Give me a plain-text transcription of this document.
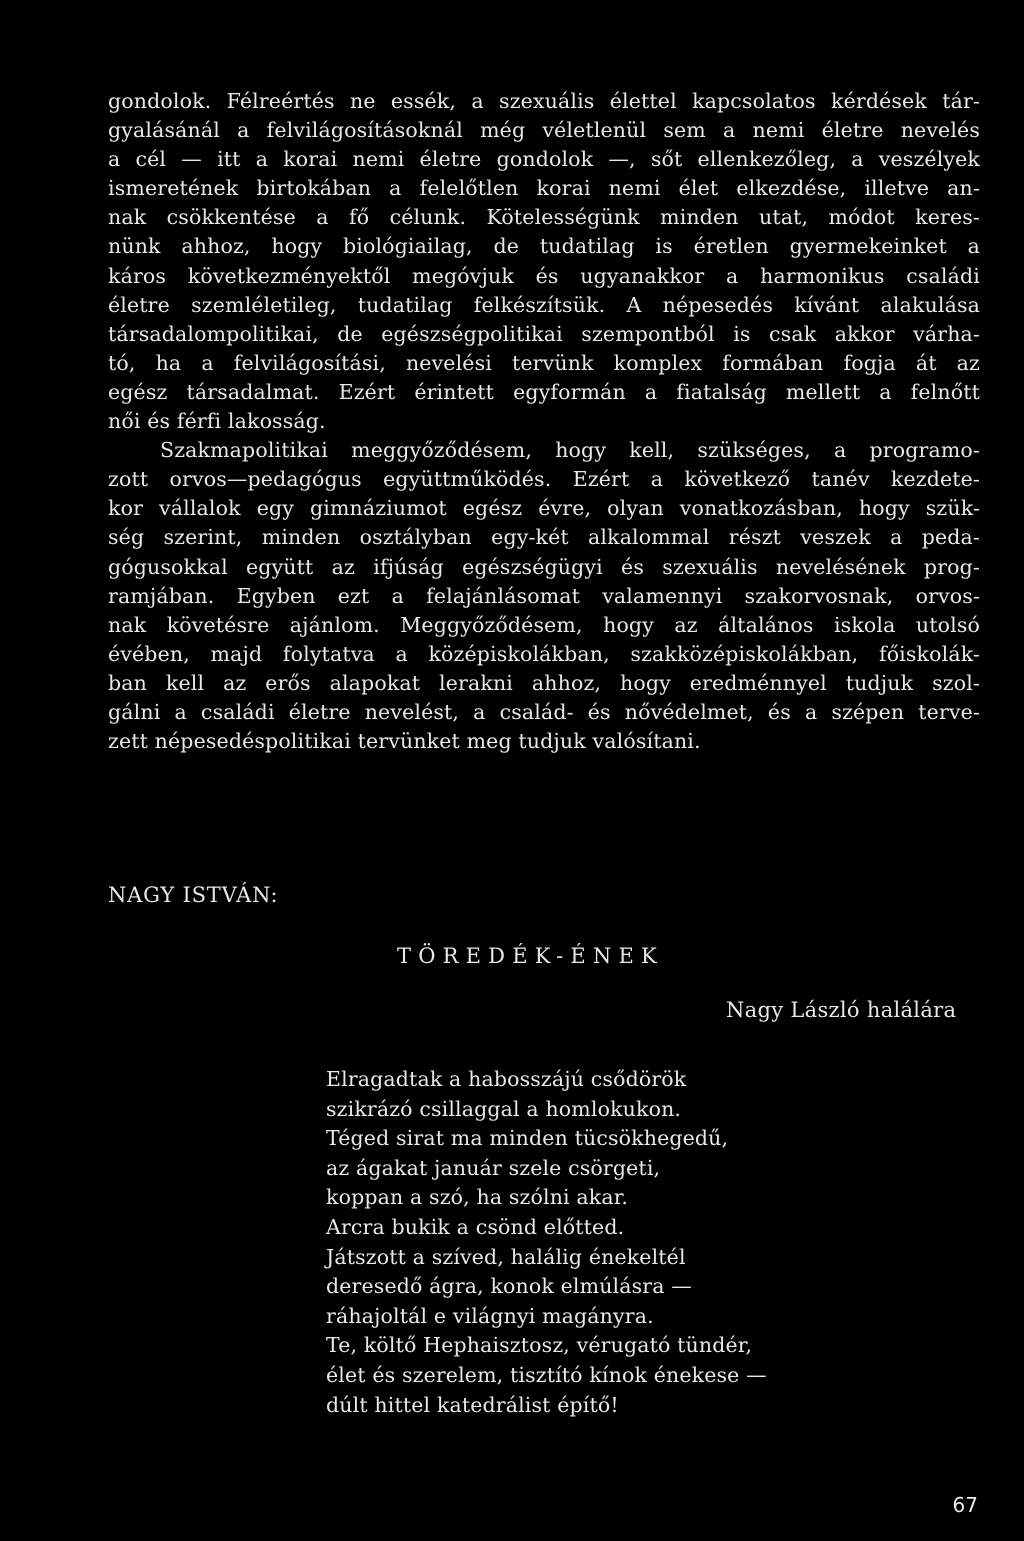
gondolok. Félreértés ne essék, a szexuális élettel kapcsolatos kérdések tár-
gyalásánál a felvilágosításoknál még véletlenül sem a nemi életre nevelés
a cél — itt a korai nemi életre gondolok —, sőt ellenkezőleg, a veszélyek
ismeretének birtokában a felelőtlen korai nemi élet elkezdése, illetve an-
nak csökkentése a fő célunk. Kötelességünk minden utat, módot keres-
nünk ahhoz, hogy biológiailag, de tudatilag is éretlen gyermekeinket a
káros következményektől megóvjuk és ugyanakkor a harmonikus családi
életre szemléletileg, tudatilag felkészítsük. A népesedés kívánt alakulása
társadalompolitikai, de egészségpolitikai szempontból is csak akkor várha-
tó, ha a felvilágosítási, nevelési tervünk komplex formában fogja át az
egész társadalmat. Ezért érintett egyformán a fiatalság mellett a felnőtt
női és férfi lakosság.
Szakmapolitikai meggyőződésem, hogy kell, szükséges, a programo-
zott orvos—pedagógus együttműködés. Ezért a következő tanév kezdete-
kor vállalok egy gimnáziumot egész évre, olyan vonatkozásban, hogy szük-
ség szerint, minden osztályban egy-két alkalommal részt veszek a peda-
gógusokkal együtt az ifjúság egészségügyi és szexuális nevelésének prog-
ramjában. Egyben ezt a felajánlásomat valamennyi szakorvosnak, orvos-
nak követésre ajánlom. Meggyőződésem, hogy az általános iskola utolsó
évében, majd folytatva a középiskolákban, szakközépiskolákban, főiskolák-
ban kell az erős alapokat lerakni ahhoz, hogy eredménnyel tudjuk szol-
gálni a családi életre nevelést, a család- és nővédelmet, és a szépen terve-
zett népesedéspolitikai tervünket meg tudjuk valósítani.
NAGY ISTVÁN:
TÖREDÉK-ÉNEK
Nagy László halálára
Elragadtak a habosszájú csődörök
szikrázó csillaggal a homlokukon.
Téged sirat ma minden tücsökhegedű,
az ágakat január szele csörgeti,
koppan a szó, ha szólni akar.
Arcra bukik a csönd előtted.
Játszott a szíved, halálig énekeltél
deresedő ágra, konok elmúlásra —
ráhajoltál e világnyi magányra.
Te, költő Hephaisztosz, vérugató tündér,
élet és szerelem, tisztító kínok énekese —
dúlt hittel katedrálist építő!
67
